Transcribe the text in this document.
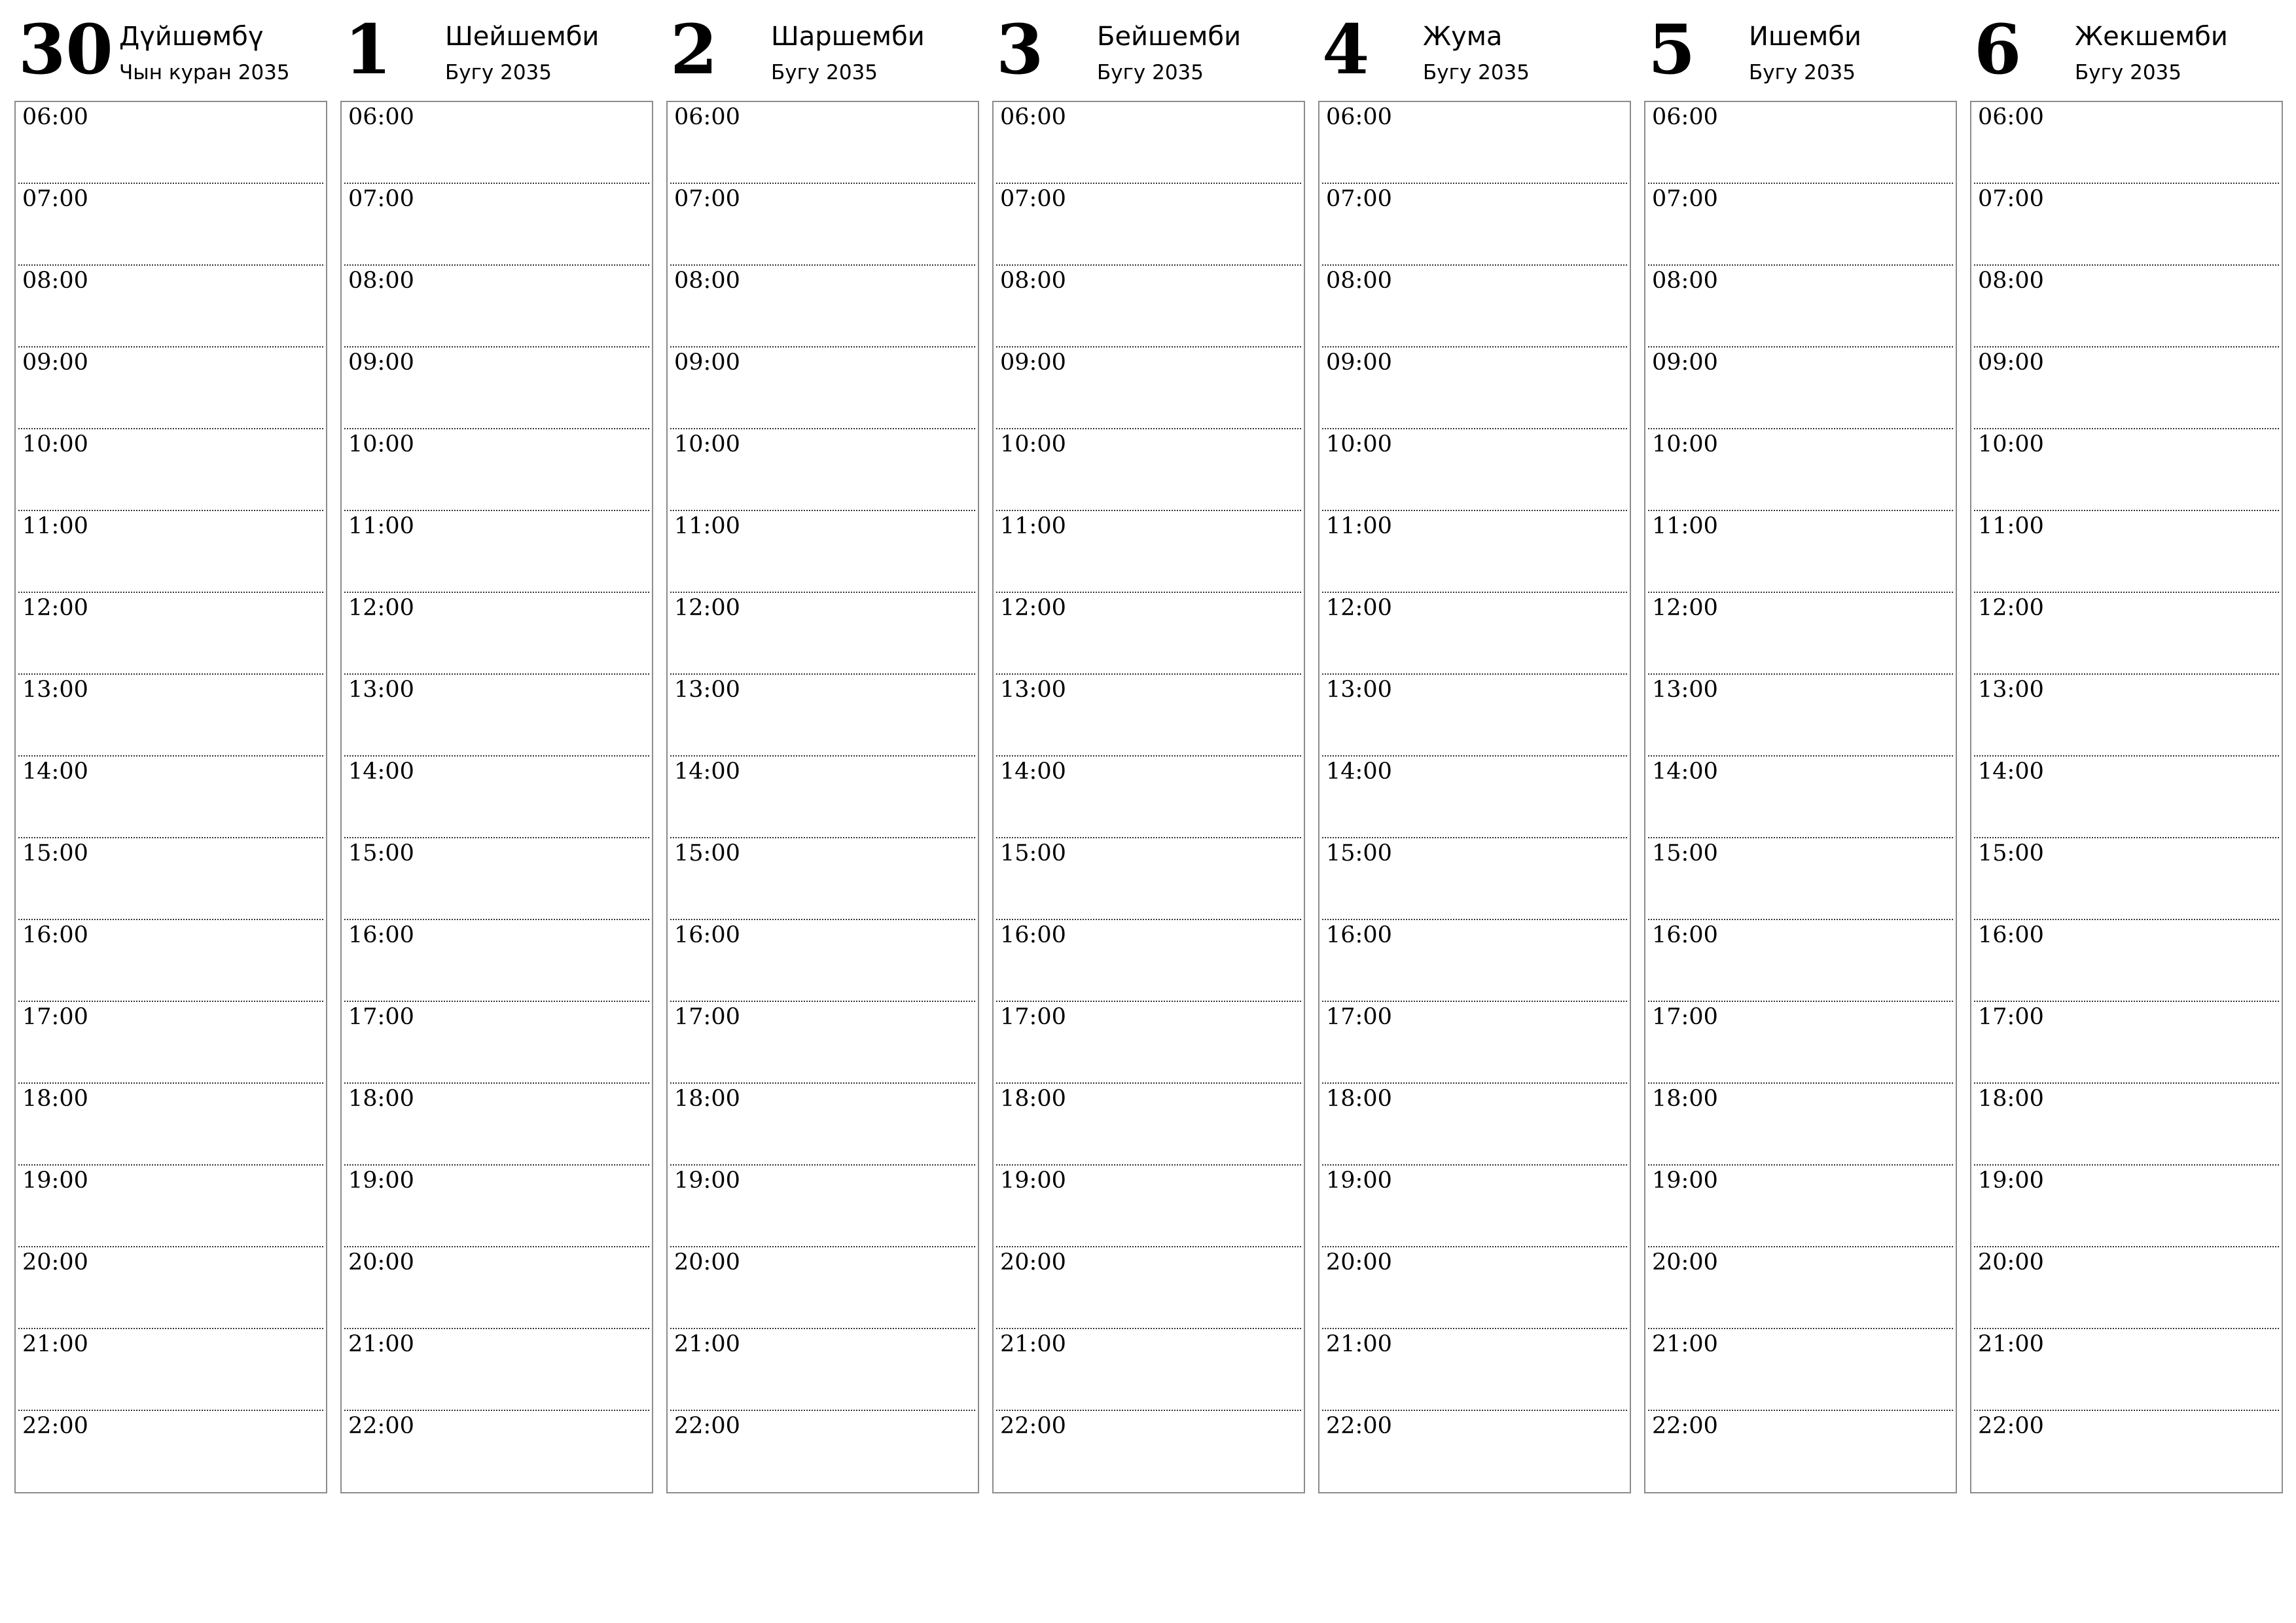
30 Дүйшөмбү
Чын куран 2035
06:00
07:00
08:00
09:00
10:00
11:00
12:00
13:00
14:00
15:00
16:00
17:00
18:00
19:00
20:00
21:00
22:00
1 Шейшемби
Бугу 2035
06:00
07:00
08:00
09:00
10:00
11:00
12:00
13:00
14:00
15:00
16:00
17:00
18:00
19:00
20:00
21:00
22:00
2 Шаршемби
Бугу 2035
06:00
07:00
08:00
09:00
10:00
11:00
12:00
13:00
14:00
15:00
16:00
17:00
18:00
19:00
20:00
21:00
22:00
3 Бейшемби
Бугу 2035
06:00
07:00
08:00
09:00
10:00
11:00
12:00
13:00
14:00
15:00
16:00
17:00
18:00
19:00
20:00
21:00
22:00
4 Жума
Бугу 2035
06:00
07:00
08:00
09:00
10:00
11:00
12:00
13:00
14:00
15:00
16:00
17:00
18:00
19:00
20:00
21:00
22:00
5 Ишемби
Бугу 2035
06:00
07:00
08:00
09:00
10:00
11:00
12:00
13:00
14:00
15:00
16:00
17:00
18:00
19:00
20:00
21:00
22:00
6 Жекшемби
Бугу 2035
06:00
07:00
08:00
09:00
10:00
11:00
12:00
13:00
14:00
15:00
16:00
17:00
18:00
19:00
20:00
21:00
22:00
